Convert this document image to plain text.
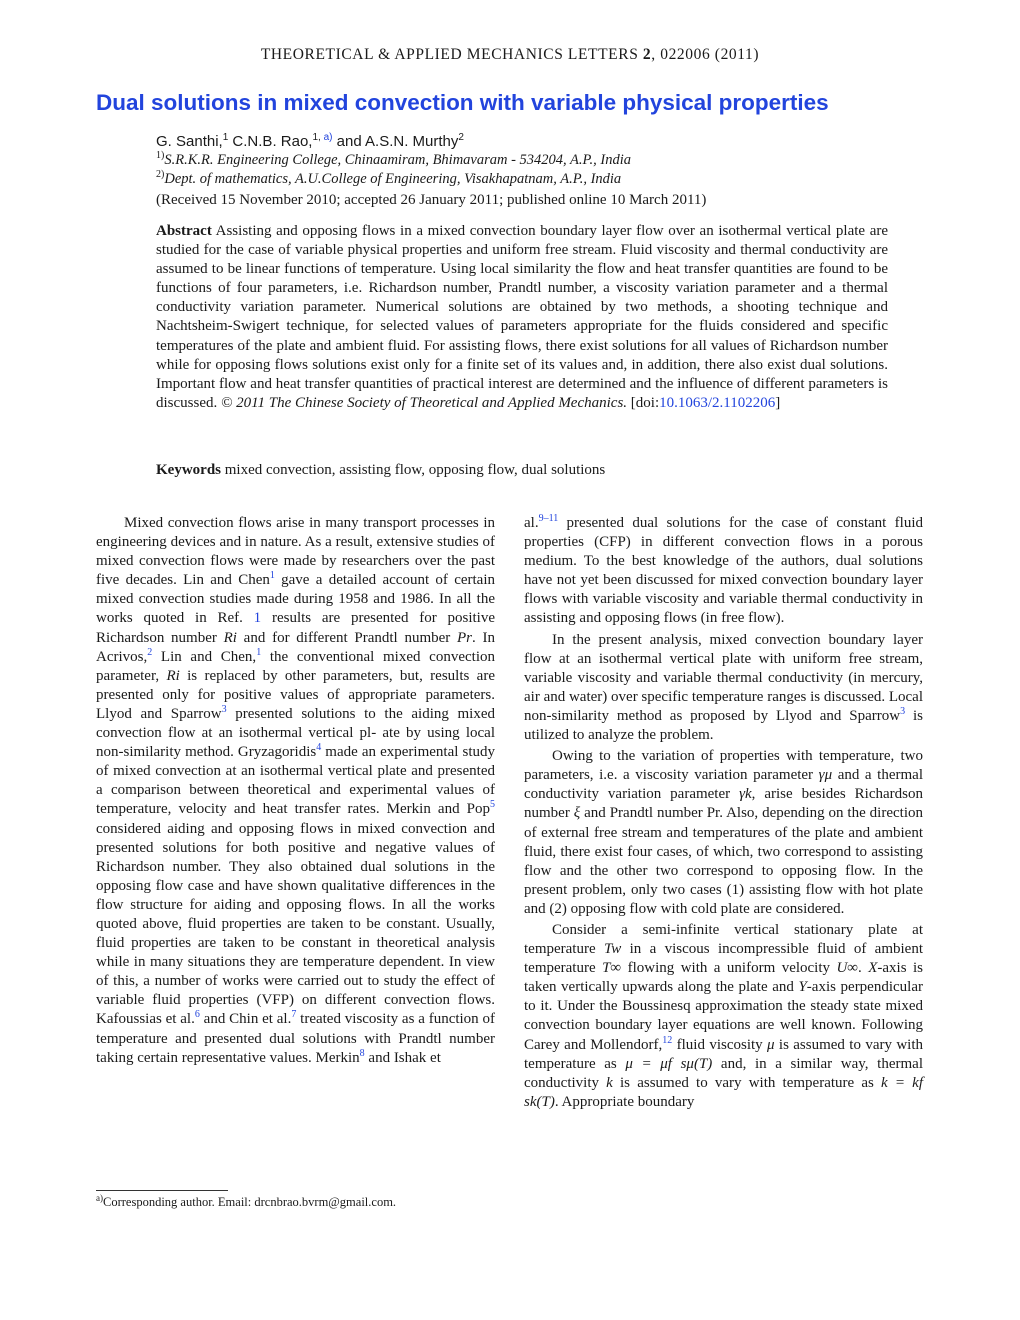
THEORETICAL & APPLIED MECHANICS LETTERS 2, 022006 (2011)
Dual solutions in mixed convection with variable physical properties
G. Santhi,$^1$ C.N.B. Rao,$^{1, a)}$ and A.S.N. Murthy$^2$
$^{1)}$S.R.K.R. Engineering College, Chinaamiram, Bhimavaram - 534204, A.P., India
$^{2)}$Dept. of mathematics, A.U.College of Engineering, Visakhapatnam, A.P., India
(Received 15 November 2010; accepted 26 January 2011; published online 10 March 2011)

Abstract Assisting and opposing flows in a mixed convection boundary layer flow over an isothermal vertical plate are studied for the case of variable physical properties and uniform free stream. Fluid viscosity and thermal conductivity are assumed to be linear functions of temperature. Using local similarity the flow and heat transfer quantities are found to be functions of four parameters, i.e. Richardson number, Prandtl number, a viscosity variation parameter and a thermal conductivity variation parameter. Numerical solutions are obtained by two methods, a shooting technique and Nachtsheim-Swigert technique, for selected values of parameters appropriate for the fluids considered and specific temperatures of the plate and ambient fluid. For assisting flows, there exist solutions for all values of Richardson number while for opposing flows solutions exist only for a finite set of its values and, in addition, there also exist dual solutions. Important flow and heat transfer quantities of practical interest are determined and the influence of different parameters is discussed. © 2011 The Chinese Society of Theoretical and Applied Mechanics. [doi:10.1063/2.1102206]

Keywords mixed convection, assisting flow, opposing flow, dual solutions

Mixed convection flows arise in many transport processes in engineering devices and in nature. As a result, extensive studies of mixed convection flows were made by researchers over the past five decades. Lin and Chen$^1$ gave a detailed account of certain mixed convection studies made during 1958 and 1986. In all the works quoted in Ref. 1 results are presented for positive Richardson number Ri and for different Prandtl number Pr. In Acrivos,$^2$ Lin and Chen,$^1$ the conventional mixed convection parameter, Ri is replaced by other parameters, but, results are presented only for positive values of appropriate parameters. Llyod and Sparrow$^3$ presented solutions to the aiding mixed convection flow at an isothermal vertical pl- ate by using local non-similarity method. Gryzagoridis$^4$ made an experimental study of mixed convection at an isothermal vertical plate and presented a comparison between theoretical and experimental values of temperature, velocity and heat transfer rates. Merkin and Pop$^5$ considered aiding and opposing flows in mixed convection and presented solutions for both positive and negative values of Richardson number. They also obtained dual solutions in the opposing flow case and have shown qualitative differences in the flow structure for aiding and opposing flows. In all the works quoted above, fluid properties are taken to be constant. Usually, fluid properties are taken to be constant in theoretical analysis while in many situations they are temperature dependent. In view of this, a number of works were carried out to study the effect of variable fluid properties (VFP) on different convection flows. Kafoussias et al.$^6$ and Chin et al.$^7$ treated viscosity as a function of temperature and presented dual solutions with Prandtl number taking certain representative values. Merkin$^8$ and Ishak et

al.$^{9-11}$ presented dual solutions for the case of constant fluid properties (CFP) in different convection flows in a porous medium. To the best knowledge of the authors, dual solutions have not yet been discussed for mixed convection boundary layer flows with variable viscosity and variable thermal conductivity in assisting and opposing flows (in free flow).

In the present analysis, mixed convection boundary layer flow at an isothermal vertical plate with uniform free stream, variable viscosity and variable thermal conductivity (in mercury, air and water) over specific temperature ranges is discussed. Local non-similarity method as proposed by Llyod and Sparrow$^3$ is utilized to analyze the problem.

Owing to the variation of properties with temperature, two parameters, i.e. a viscosity variation parameter γμ and a thermal conductivity variation parameter γk, arise besides Richardson number ξ and Prandtl number Pr. Also, depending on the direction of external free stream and temperatures of the plate and ambient fluid, there exist four cases, of which, two correspond to assisting flow and the other two correspond to opposing flow. In the present problem, only two cases (1) assisting flow with hot plate and (2) opposing flow with cold plate are considered.

Consider a semi-infinite vertical stationary plate at temperature Tw in a viscous incompressible fluid of ambient temperature T∞ flowing with a uniform velocity U∞. X-axis is taken vertically upwards along the plate and Y-axis perpendicular to it. Under the Boussinesq approximation the steady state mixed convection boundary layer equations are well known. Following Carey and Mollendorf,$^{12}$ fluid viscosity μ is assumed to vary with temperature as μ = μf sμ(T) and, in a similar way, thermal conductivity k is assumed to vary with temperature as k = kf sk(T). Appropriate boundary

$^{a)}$Corresponding author. Email: drcnbrao.bvrm@gmail.com.
